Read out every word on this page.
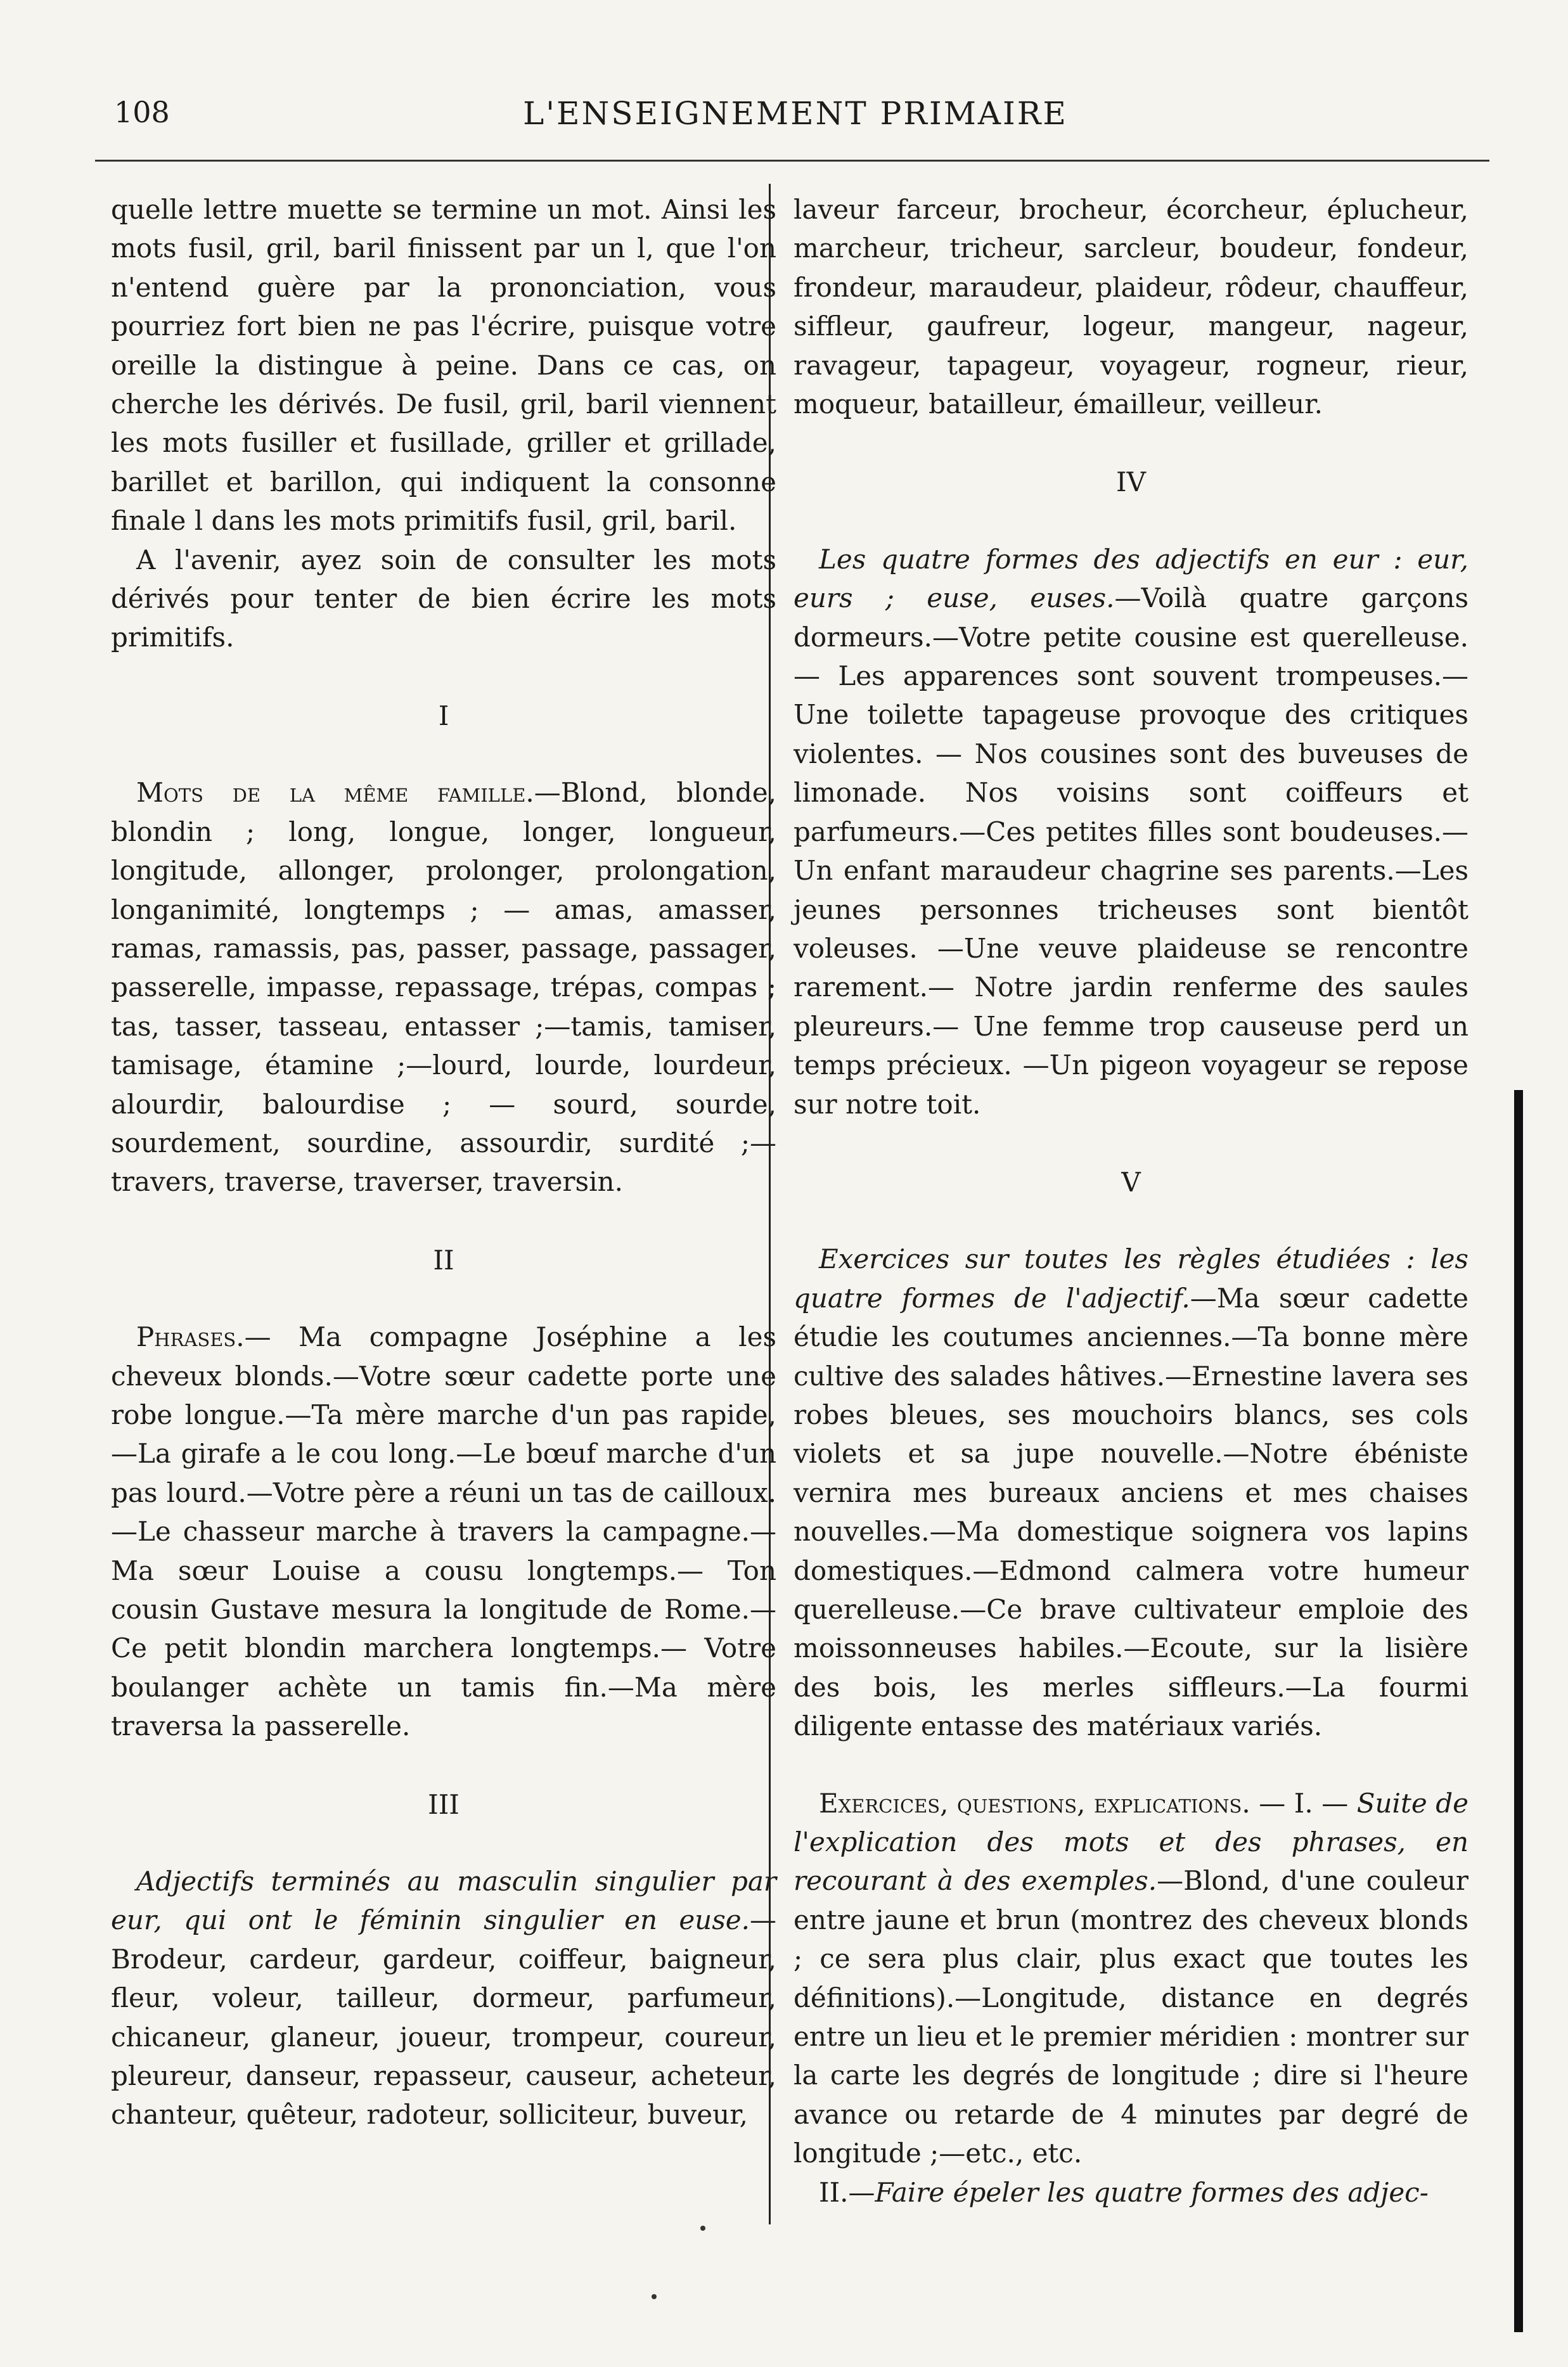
108	L'ENSEIGNEMENT PRIMAIRE

quelle lettre muette se termine un mot. Ainsi les mots fusil, gril, baril finissent par un l, que l'on n'entend guère par la prononciation, vous pourriez fort bien ne pas l'écrire, puisque votre oreille la distingue à peine. Dans ce cas, on cherche les dérivés. De fusil, gril, baril viennent les mots fusiller et fusillade, griller et grillade, barillet et barillon, qui indiquent la consonne finale l dans les mots primitifs fusil, gril, baril.

A l'avenir, ayez soin de consulter les mots dérivés pour tenter de bien écrire les mots primitifs.

I

Mots de la même famille.—Blond, blonde, blondin ; long, longue, longer, longueur, longitude, allonger, prolonger, prolongation, longanimité, longtemps ; — amas, amasser, ramas, ramassis, pas, passer, passage, passager, passerelle, impasse, repassage, trépas, compas ; tas, tasser, tasseau, entasser ;—tamis, tamiser, tamisage, étamine ;—lourd, lourde, lourdeur, alourdir, balourdise ; — sourd, sourde, sourdement, sourdine, assourdir, surdité ;—travers, traverse, traverser, traversin.

II

Phrases.— Ma compagne Joséphine a les cheveux blonds.—Votre sœur cadette porte une robe longue.—Ta mère marche d'un pas rapide, —La girafe a le cou long.—Le bœuf marche d'un pas lourd.—Votre père a réuni un tas de cailloux.—Le chasseur marche à travers la campagne.—Ma sœur Louise a cousu longtemps.— Ton cousin Gustave mesura la longitude de Rome.—Ce petit blondin marchera longtemps.— Votre boulanger achète un tamis fin.—Ma mère traversa la passerelle.

III

Adjectifs terminés au masculin singulier par eur, qui ont le féminin singulier en euse.— Brodeur, cardeur, gardeur, coiffeur, baigneur, fleur, voleur, tailleur, dormeur, parfumeur, chicaneur, glaneur, joueur, trompeur, coureur, pleureur, danseur, repasseur, causeur, acheteur, chanteur, quêteur, radoteur, solliciteur, buveur,

laveur farceur, brocheur, écorcheur, éplucheur, marcheur, tricheur, sarcleur, boudeur, fondeur, frondeur, maraudeur, plaideur, rôdeur, chauffeur, siffleur, gaufreur, logeur, mangeur, nageur, ravageur, tapageur, voyageur, rogneur, rieur, moqueur, batailleur, émailleur, veilleur.

IV

Les quatre formes des adjectifs en eur : eur, eurs ; euse, euses.—Voilà quatre garçons dormeurs.—Votre petite cousine est querelleuse.— Les apparences sont souvent trompeuses.— Une toilette tapageuse provoque des critiques violentes. — Nos cousines sont des buveuses de limonade. Nos voisins sont coiffeurs et parfumeurs.—Ces petites filles sont boudeuses.—Un enfant maraudeur chagrine ses parents.—Les jeunes personnes tricheuses sont bientôt voleuses. —Une veuve plaideuse se rencontre rarement.— Notre jardin renferme des saules pleureurs.— Une femme trop causeuse perd un temps précieux. —Un pigeon voyageur se repose sur notre toit.

V

Exercices sur toutes les règles étudiées : les quatre formes de l'adjectif.—Ma sœur cadette étudie les coutumes anciennes.—Ta bonne mère cultive des salades hâtives.—Ernestine lavera ses robes bleues, ses mouchoirs blancs, ses cols violets et sa jupe nouvelle.—Notre ébéniste vernira mes bureaux anciens et mes chaises nouvelles.—Ma domestique soignera vos lapins domestiques.—Edmond calmera votre humeur querelleuse.—Ce brave cultivateur emploie des moissonneuses habiles.—Ecoute, sur la lisière des bois, les merles siffleurs.—La fourmi diligente entasse des matériaux variés.

Exercices, questions, explications. — I. — Suite de l'explication des mots et des phrases, en recourant à des exemples.—Blond, d'une couleur entre jaune et brun (montrez des cheveux blonds ; ce sera plus clair, plus exact que toutes les définitions).—Longitude, distance en degrés entre un lieu et le premier méridien : montrer sur la carte les degrés de longitude ; dire si l'heure avance ou retarde de 4 minutes par degré de longitude ;—etc., etc.

II.—Faire épeler les quatre formes des adjec-
